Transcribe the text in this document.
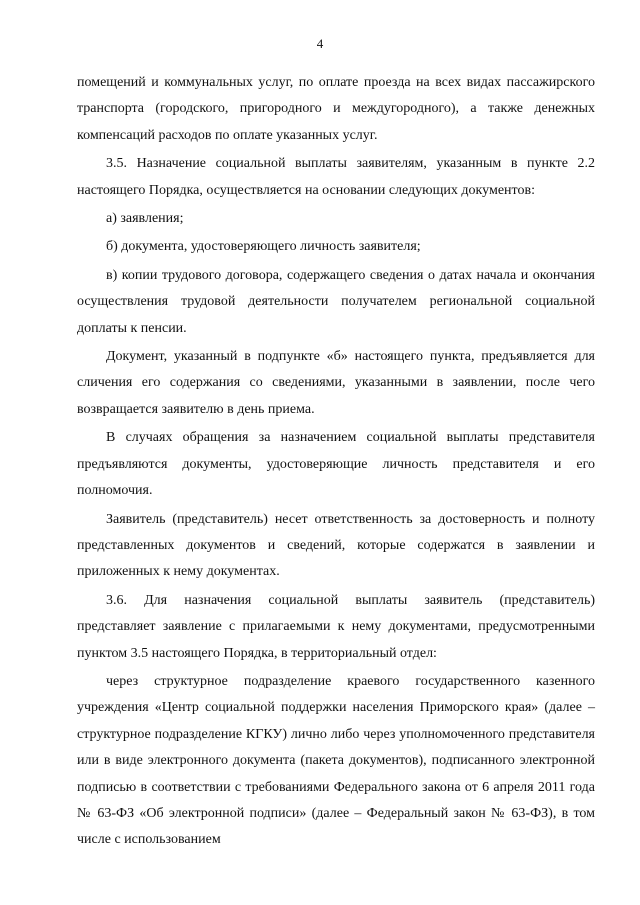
4

помещений и коммунальных услуг, по оплате проезда на всех видах пассажирского транспорта (городского, пригородного и междугородного), а также денежных компенсаций расходов по оплате указанных услуг.

3.5. Назначение социальной выплаты заявителям, указанным в пункте 2.2 настоящего Порядка, осуществляется на основании следующих документов:

а) заявления;

б) документа, удостоверяющего личность заявителя;

в) копии трудового договора, содержащего сведения о датах начала и окончания осуществления трудовой деятельности получателем региональной социальной доплаты к пенсии.

Документ, указанный в подпункте «б» настоящего пункта, предъявляется для сличения его содержания со сведениями, указанными в заявлении, после чего возвращается заявителю в день приема.

В случаях обращения за назначением социальной выплаты представителя предъявляются документы, удостоверяющие личность представителя и его полномочия.

Заявитель (представитель) несет ответственность за достоверность и полноту представленных документов и сведений, которые содержатся в заявлении и приложенных к нему документах.

3.6. Для назначения социальной выплаты заявитель (представитель) представляет заявление с прилагаемыми к нему документами, предусмотренными пунктом 3.5 настоящего Порядка, в территориальный отдел:

через структурное подразделение краевого государственного казенного учреждения «Центр социальной поддержки населения Приморского края» (далее – структурное подразделение КГКУ) лично либо через уполномоченного представителя или в виде электронного документа (пакета документов), подписанного электронной подписью в соответствии с требованиями Федерального закона от 6 апреля 2011 года № 63-ФЗ «Об электронной подписи» (далее – Федеральный закон № 63-ФЗ), в том числе с использованием
